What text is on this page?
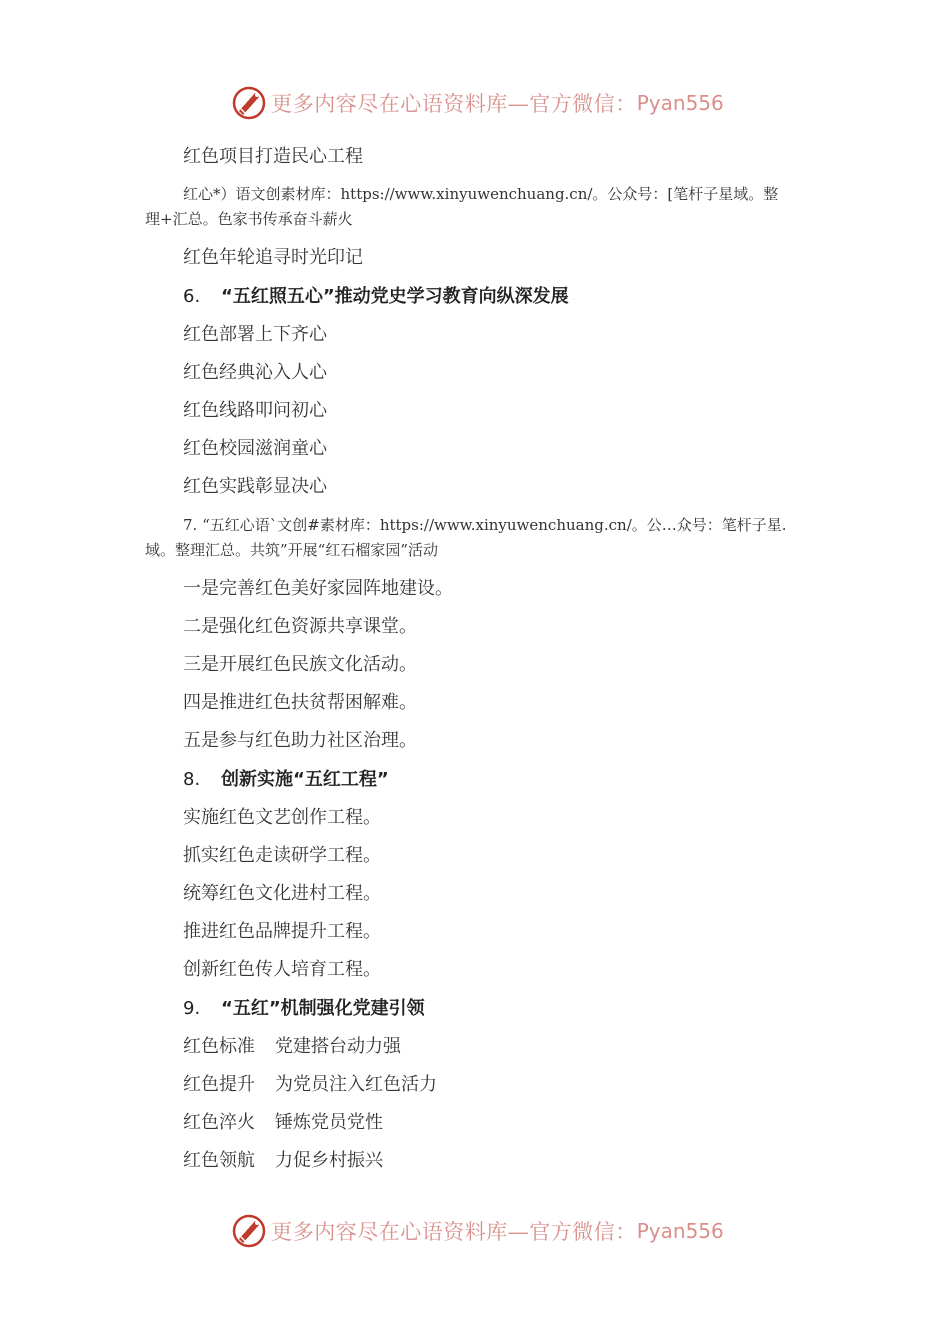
更多内容尽在心语资料库—官方微信： Pyan556
红色项目打造民心工程
红心*）语文创素材库：https://www.xinyuwenchuang.cn/。公众号：[笔杆子星域。整
理+汇总。色家书传承奋斗薪火
红色年轮追寻时光印记
6. “五红照五心”推动党史学习教育向纵深发展
红色部署上下齐心
红色经典沁入人心
红色线路叩问初心
红色校园滋润童心
红色实践彰显决心
7. “五红心语`文创#素材库：https://www.xinyuwenchuang.cn/。公…众号：笔杆子星.
域。整理汇总。共筑”开展“红石榴家园”活动
一是完善红色美好家园阵地建设。
二是强化红色资源共享课堂。
三是开展红色民族文化活动。
四是推进红色扶贫帮困解难。
五是参与红色助力社区治理。
8. 创新实施“五红工程”
实施红色文艺创作工程。
抓实红色走读研学工程。
统筹红色文化进村工程。
推进红色品牌提升工程。
创新红色传人培育工程。
9. “五红”机制强化党建引领
红色标准 党建搭台动力强
红色提升 为党员注入红色活力
红色淬火 锤炼党员党性
红色领航 力促乡村振兴
更多内容尽在心语资料库—官方微信： Pyan556
